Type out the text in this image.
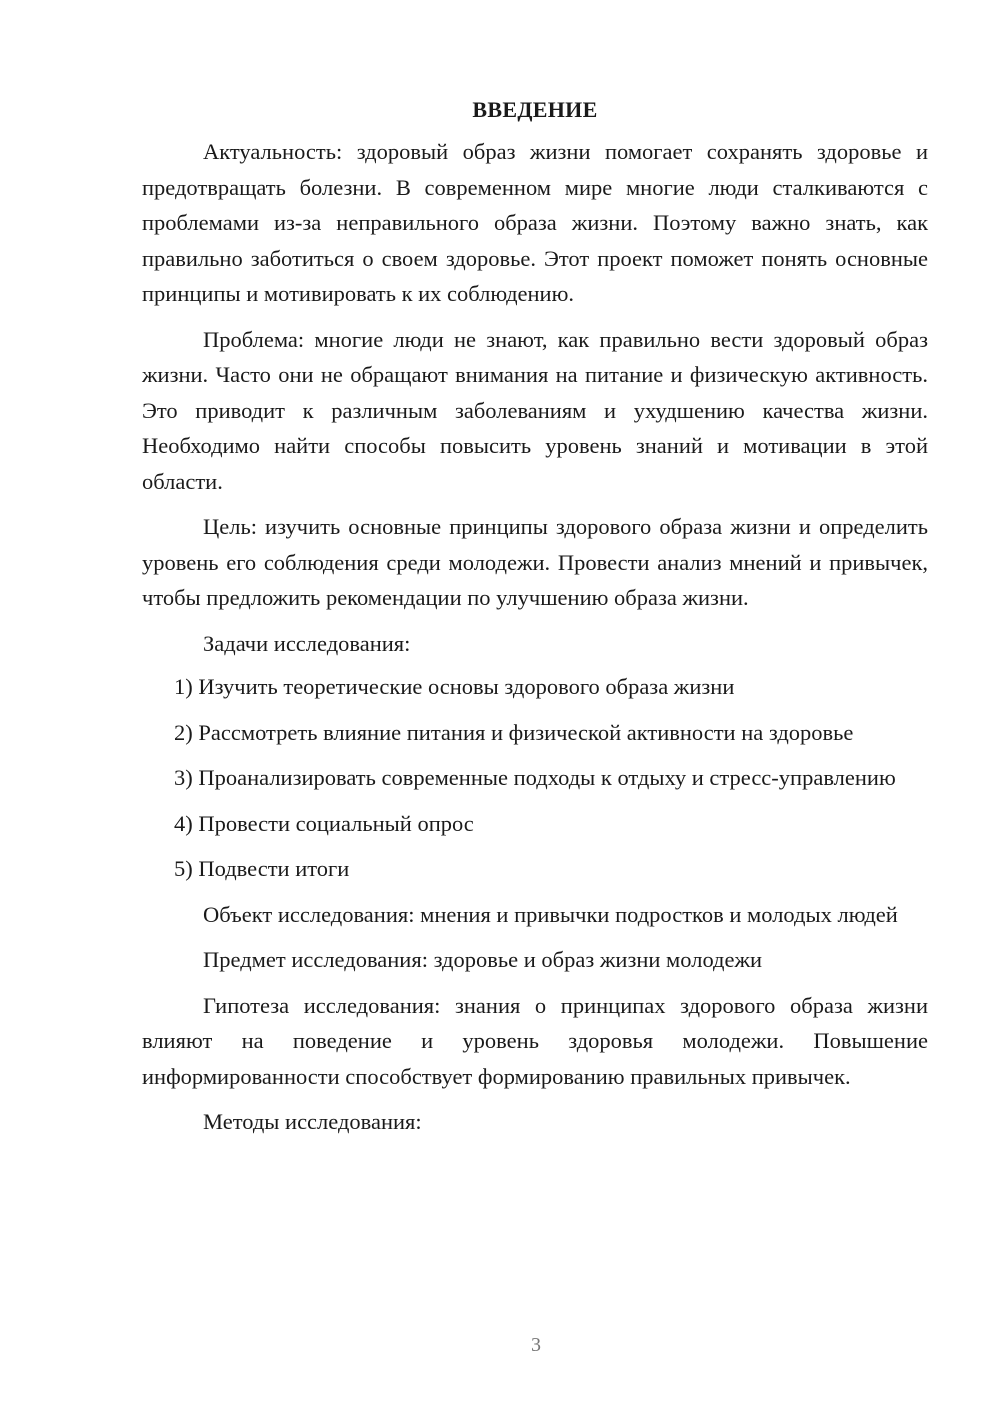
ВВЕДЕНИЕ

Актуальность: здоровый образ жизни помогает сохранять здоровье и предотвращать болезни. В современном мире многие люди сталкиваются с проблемами из-за неправильного образа жизни. Поэтому важно знать, как правильно заботиться о своем здоровье. Этот проект поможет понять основные принципы и мотивировать к их соблюдению.

Проблема: многие люди не знают, как правильно вести здоровый образ жизни. Часто они не обращают внимания на питание и физическую активность. Это приводит к различным заболеваниям и ухудшению качества жизни. Необходимо найти способы повысить уровень знаний и мотивации в этой области.

Цель: изучить основные принципы здорового образа жизни и определить уровень его соблюдения среди молодежи. Провести анализ мнений и привычек, чтобы предложить рекомендации по улучшению образа жизни.

Задачи исследования:

1) Изучить теоретические основы здорового образа жизни

2) Рассмотреть влияние питания и физической активности на здоровье

3) Проанализировать современные подходы к отдыху и стресс-управлению

4) Провести социальный опрос

5) Подвести итоги

Объект исследования: мнения и привычки подростков и молодых людей

Предмет исследования: здоровье и образ жизни молодежи

Гипотеза исследования: знания о принципах здорового образа жизни влияют на поведение и уровень здоровья молодежи. Повышение информированности способствует формированию правильных привычек.

Методы исследования:

3
